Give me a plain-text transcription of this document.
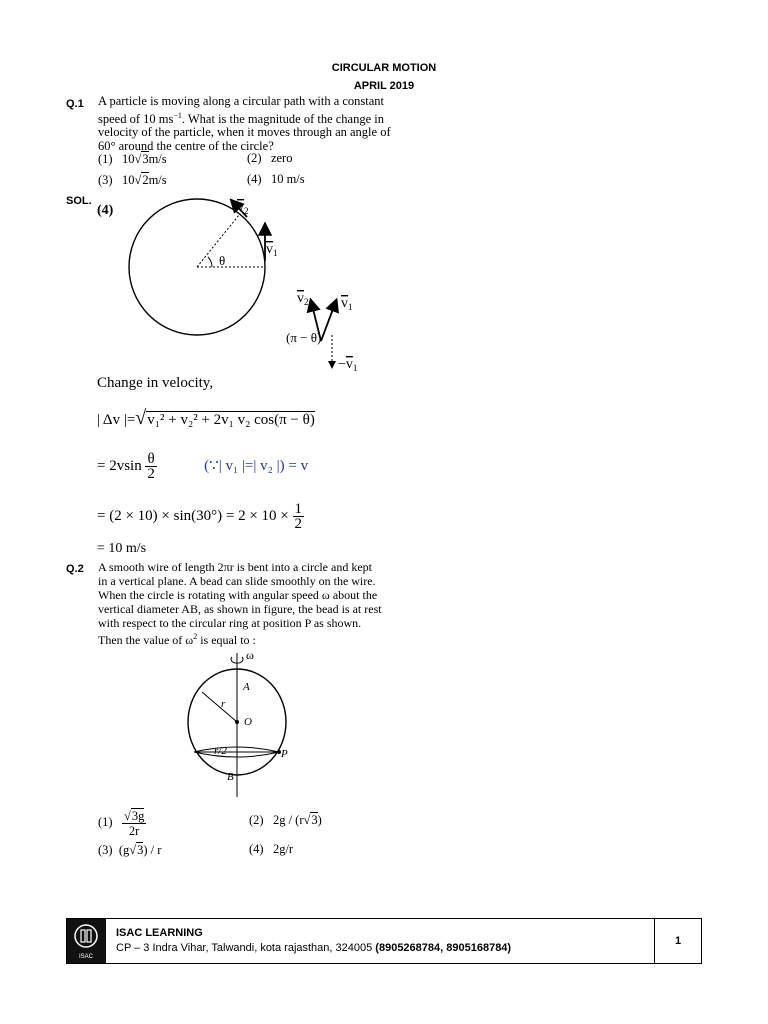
CIRCULAR MOTION
APRIL 2019
Q.1 A particle is moving along a circular path with a constant
speed of 10 $ms^{-1}$. What is the magnitude of the change in
velocity of the particle, when it moves through an angle of
60° around the centre of the circle?
(1) 10√3m/s	(2) zero
(3) 10√2m/s	(4) 10 m/s
SOL.
(4)
θ
$v_2$
$v_1$
$v_2$ $v_1$
(π − θ)
$-v_1$
Change in velocity,
| Δv |=√v₁² + v₂² + 2v₁ v₂ cos(π − θ)
= $2vsin \frac{\theta}{2}$	(∵| v₁ |=| v₂ |) = v
= $(2 \times 10) \times \sin(30^\circ) = 2 \times 10 \times \frac{1}{2}$
= 10 m/s
Q.2 A smooth wire of length 2πr is bent into a circle and kept
in a vertical plane. A bead can slide smoothly on the wire.
When the circle is rotating with angular speed ω about the
vertical diameter AB, as shown in figure, the bead is at rest
with respect to the circular ring at position P as shown.
Then the value of $\omega^2$ is equal to :
ω
r
A
O
r/2	P
B
$(1) \frac{√3g}{2r}$	(2) 2g / (r√3)
(3) (g√3) / r	(4) 2g/r
ISAC
ISAC LEARNING
CP – 3 Indra Vihar, Talwandi, kota rajasthan, 324005 (8905268784, 8905168784)
1
